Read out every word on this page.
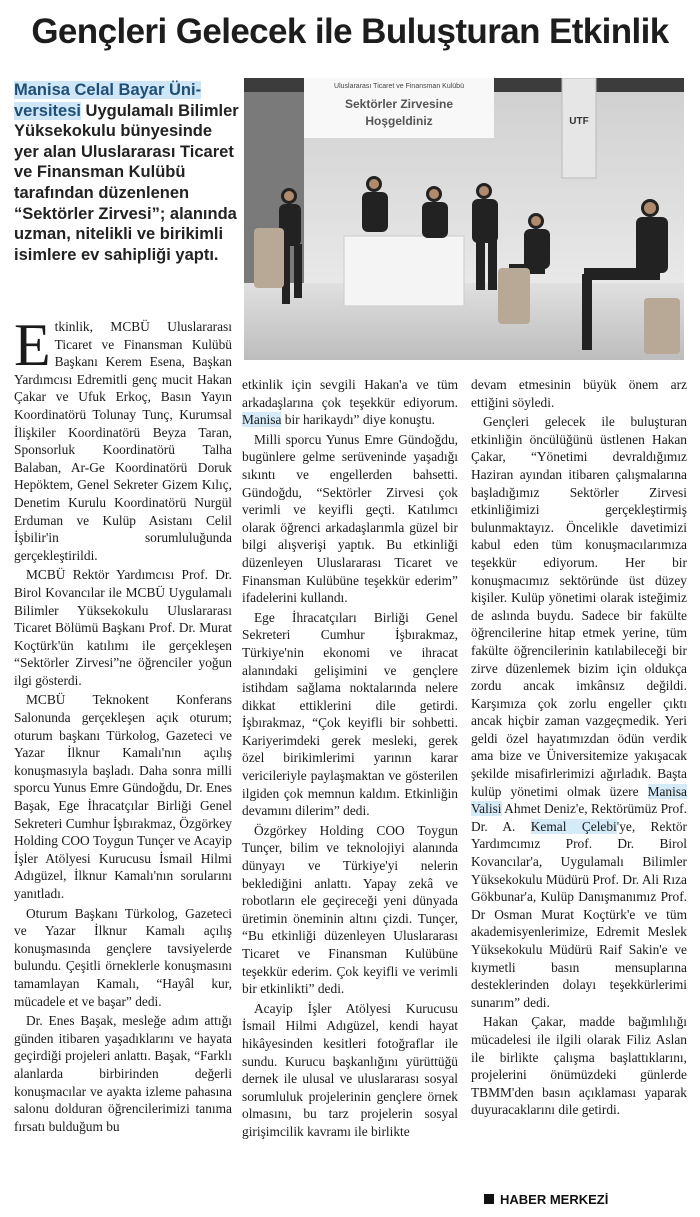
Gençleri Gelecek ile Buluşturan Etkinlik

Manisa Celal Bayar Üni- versitesi Uygulamalı Bilimler Yüksekokulu bünyesinde yer alan Uluslararası Ticaret ve Finansman Kulübü tarafından düzenlenen “Sektörler Zirvesi”; alanında uzman, nitelikli ve birikimli isimlere ev sahipliği yaptı.

Uluslararası Ticaret ve Finansman Kulübü
Sektörler Zirvesine
Hoşgeldiniz	UTF

Etkinlik, MCBÜ Uluslararası Ticaret ve Finansman Kulübü Başkanı Kerem Esena, Başkan Yardımcısı Edremitli genç mucit Hakan Çakar ve Ufuk Erkoç, Basın Yayın Koordinatörü Tolunay Tunç, Kurumsal İlişkiler Koordinatörü Beyza Taran, Sponsorluk Koordinatörü Talha Balaban, Ar-Ge Koordinatörü Doruk Hepöktem, Genel Sekreter Gizem Kılıç, Denetim Kurulu Koordinatörü Nurgül Erduman ve Kulüp Asistanı Celil İşbilir'in sorumluluğunda gerçekleştirildi.

MCBÜ Rektör Yardımcısı Prof. Dr. Birol Kovancılar ile MCBÜ Uygulamalı Bilimler Yüksekokulu Uluslararası Ticaret Bölümü Başkanı Prof. Dr. Murat Koçtürk'ün katılımı ile gerçekleşen “Sektörler Zirvesi”ne öğrenciler yoğun ilgi gösterdi.

MCBÜ Teknokent Konferans Salonunda gerçekleşen açık oturum; oturum başkanı Türkolog, Gazeteci ve Yazar İlknur Kamalı'nın açılış konuşmasıyla başladı. Daha sonra milli sporcu Yunus Emre Gündoğdu, Dr. Enes Başak, Ege İhracatçılar Birliği Genel Sekreteri Cumhur İşbırakmaz, Özgörkey Holding COO Toygun Tunçer ve Acayip İşler Atölyesi Kurucusu İsmail Hilmi Adıgüzel, İlknur Kamalı'nın sorularını yanıtladı.

Oturum Başkanı Türkolog, Gazeteci ve Yazar İlknur Kamalı açılış konuşmasında gençlere tavsiyelerde bulundu. Çeşitli örneklerle konuşmasını tamamlayan Kamalı, “Hayâl kur, mücadele et ve başar” dedi.

Dr. Enes Başak, mesleğe adım attığı günden itibaren yaşadıklarını ve hayata geçirdiği projeleri anlattı. Başak, “Farklı alanlarda birbirinden değerli konuşmacılar ve ayakta izleme pahasına salonu dolduran öğrencilerimizi tanıma fırsatı bulduğum bu

etkinlik için sevgili Hakan'a ve tüm arkadaşlarına çok teşekkür ediyorum. Manisa bir harikaydı” diye konuştu.

Milli sporcu Yunus Emre Gündoğdu, bugünlere gelme serüveninde yaşadığı sıkıntı ve engellerden bahsetti. Gündoğdu, “Sektörler Zirvesi çok verimli ve keyifli geçti. Katılımcı olarak öğrenci arkadaşlarımla güzel bir bilgi alışverişi yaptık. Bu etkinliği düzenleyen Uluslararası Ticaret ve Finansman Kulübüne teşekkür ederim” ifadelerini kullandı.

Ege İhracatçıları Birliği Genel Sekreteri Cumhur İşbırakmaz, Türkiye'nin ekonomi ve ihracat alanındaki gelişimini ve gençlere istihdam sağlama noktalarında nelere dikkat ettiklerini dile getirdi. İşbırakmaz, “Çok keyifli bir sohbetti. Kariyerimdeki gerek mesleki, gerek özel birikimlerimi yarının karar vericileriyle paylaşmaktan ve gösterilen ilgiden çok memnun kaldım. Etkinliğin devamını dilerim” dedi.

Özgörkey Holding COO Toygun Tunçer, bilim ve teknolojiyi alanında dünyayı ve Türkiye'yi nelerin beklediğini anlattı. Yapay zekâ ve robotların ele geçireceği yeni dünyada üretimin öneminin altını çizdi. Tunçer, “Bu etkinliği düzenleyen Uluslararası Ticaret ve Finansman Kulübüne teşekkür ederim. Çok keyifli ve verimli bir etkinlikti” dedi.

Acayip İşler Atölyesi Kurucusu İsmail Hilmi Adıgüzel, kendi hayat hikâyesinden kesitleri fotoğraflar ile sundu. Kurucu başkanlığını yürüttüğü dernek ile ulusal ve uluslararası sosyal sorumluluk projelerinin gençlere örnek olmasını, bu tarz projelerin sosyal girişimcilik kavramı ile birlikte

devam etmesinin büyük önem arz ettiğini söyledi.

Gençleri gelecek ile buluşturan etkinliğin öncülüğünü üstlenen Hakan Çakar, “Yönetimi devraldığımız Haziran ayından itibaren çalışmalarına başladığımız Sektörler Zirvesi etkinliğimizi gerçekleştirmiş bulunmaktayız. Öncelikle davetimizi kabul eden tüm konuşmacılarımıza teşekkür ediyorum. Her bir konuşmacımız sektöründe üst düzey kişiler. Kulüp yönetimi olarak isteğimiz de aslında buydu. Sadece bir fakülte öğrencilerine hitap etmek yerine, tüm fakülte öğrencilerinin katılabileceği bir zirve düzenlemek bizim için oldukça zordu ancak imkânsız değildi. Karşımıza çok zorlu engeller çıktı ancak hiçbir zaman vazgeçmedik. Yeri geldi özel hayatımızdan ödün verdik ama bize ve Üniversitemize yakışacak şekilde misafirlerimizi ağırladık. Başta kulüp yönetimi olmak üzere Manisa Valisi Ahmet Deniz'e, Rektörümüz Prof. Dr. A. Kemal Çelebi'ye, Rektör Yardımcımız Prof. Dr. Birol Kovancılar'a, Uygulamalı Bilimler Yüksekokulu Müdürü Prof. Dr. Ali Rıza Gökbunar'a, Kulüp Danışmanımız Prof. Dr Osman Murat Koçtürk'e ve tüm akademisyenlerimize, Edremit Meslek Yüksekokulu Müdürü Raif Sakin'e ve kıymetli basın mensuplarına desteklerinden dolayı teşekkürlerimi sunarım” dedi.

Hakan Çakar, madde bağımlılığı mücadelesi ile ilgili olarak Filiz Aslan ile birlikte çalışma başlattıklarını, projelerini önümüzdeki günlerde TBMM'den basın açıklaması yaparak duyuracaklarını dile getirdi.

HABER MERKEZİ
